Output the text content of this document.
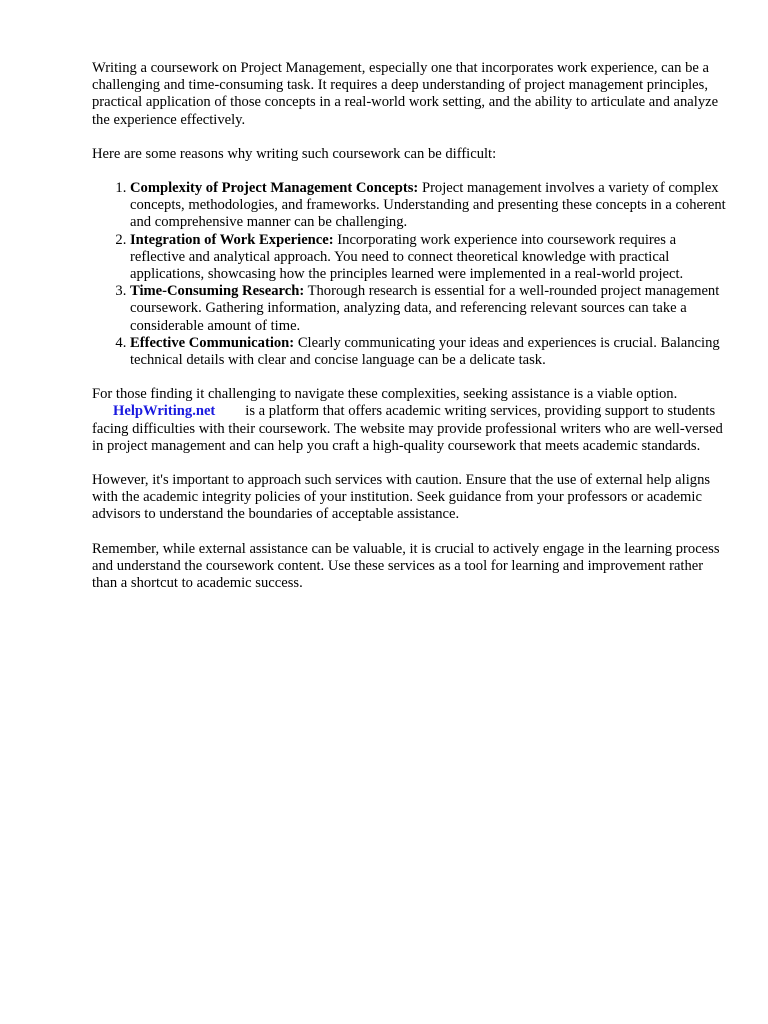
Writing a coursework on Project Management, especially one that incorporates work experience, can be a challenging and time-consuming task. It requires a deep understanding of project management principles, practical application of those concepts in a real-world work setting, and the ability to articulate and analyze the experience effectively.

Here are some reasons why writing such coursework can be difficult:

1. Complexity of Project Management Concepts: Project management involves a variety of complex concepts, methodologies, and frameworks. Understanding and presenting these concepts in a coherent and comprehensive manner can be challenging.
2. Integration of Work Experience: Incorporating work experience into coursework requires a reflective and analytical approach. You need to connect theoretical knowledge with practical applications, showcasing how the principles learned were implemented in a real-world project.
3. Time-Consuming Research: Thorough research is essential for a well-rounded project management coursework. Gathering information, analyzing data, and referencing relevant sources can take a considerable amount of time.
4. Effective Communication: Clearly communicating your ideas and experiences is crucial. Balancing technical details with clear and concise language can be a delicate task.

For those finding it challenging to navigate these complexities, seeking assistance is a viable option.
HelpWriting.net is a platform that offers academic writing services, providing support to students facing difficulties with their coursework. The website may provide professional writers who are well-versed in project management and can help you craft a high-quality coursework that meets academic standards.

However, it's important to approach such services with caution. Ensure that the use of external help aligns with the academic integrity policies of your institution. Seek guidance from your professors or academic advisors to understand the boundaries of acceptable assistance.

Remember, while external assistance can be valuable, it is crucial to actively engage in the learning process and understand the coursework content. Use these services as a tool for learning and improvement rather than a shortcut to academic success.
